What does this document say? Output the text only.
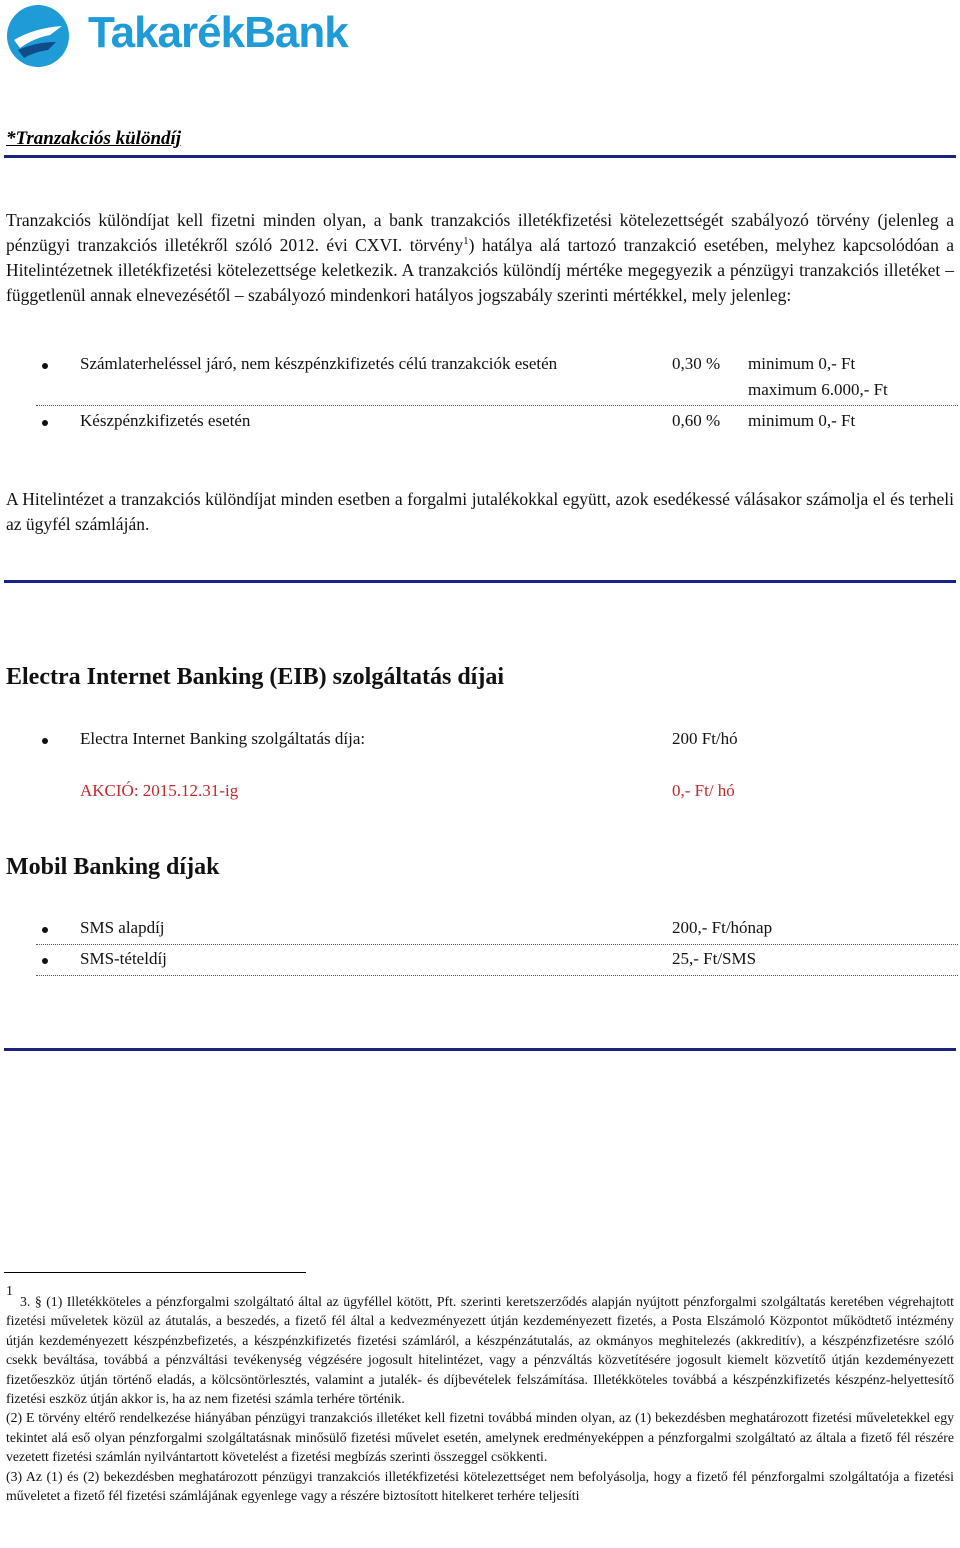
TakarékBank
*Tranzakciós különdíj
Tranzakciós különdíjat kell fizetni minden olyan, a bank tranzakciós illetékfizetési kötelezettségét szabályozó törvény (jelenleg a pénzügyi tranzakciós illetékről szóló 2012. évi CXVI. törvény$^1$) hatálya alá tartozó tranzakció esetében, melyhez kapcsolódóan a Hitelintézetnek illetékfizetési kötelezettsége keletkezik. A tranzakciós különdíj mértéke megegyezik a pénzügyi tranzakciós illetéket – függetlenül annak elnevezésétől – szabályozó mindenkori hatályos jogszabály szerinti mértékkel, mely jelenleg:
Számlaterheléssel járó, nem készpénzkifizetés célú tranzakciók esetén	0,30 % minimum 0,- Ft
maximum 6.000,- Ft
Készpénzkifizetés esetén	0,60 % minimum 0,- Ft
A Hitelintézet a tranzakciós különdíjat minden esetben a forgalmi jutalékokkal együtt, azok esedékessé válásakor számolja el és terheli az ügyfél számláján.
Electra Internet Banking (EIB) szolgáltatás díjai
Electra Internet Banking szolgáltatás díja:	200 Ft/hó
AKCIÓ: 2015.12.31-ig	0,- Ft/ hó
Mobil Banking díjak
SMS alapdíj	200,- Ft/hónap
SMS-tételdíj	25,- Ft/SMS
1

3. § (1) Illetékköteles a pénzforgalmi szolgáltató által az ügyféllel kötött, Pft. szerinti keretszerződés alapján nyújtott pénzforgalmi szolgáltatás keretében végrehajtott fizetési műveletek közül az átutalás, a beszedés, a fizető fél által a kedvezményezett útján kezdeményezett fizetés, a Posta Elszámoló Központot működtető intézmény útján kezdeményezett készpénzbefizetés, a készpénzkifizetés fizetési számláról, a készpénzátutalás, az okmányos meghitelezés (akkreditív), a készpénzfizetésre szóló csekk beváltása, továbbá a pénzváltási tevékenység végzésére jogosult hitelintézet, vagy a pénzváltás közvetítésére jogosult kiemelt közvetítő útján kezdeményezett fizetőeszköz útján történő eladás, a kölcsöntörlesztés, valamint a jutalék- és díjbevételek felszámítása. Illetékköteles továbbá a készpénzkifizetés készpénz-helyettesítő fizetési eszköz útján akkor is, ha az nem fizetési számla terhére történik.

(2) E törvény eltérő rendelkezése hiányában pénzügyi tranzakciós illetéket kell fizetni továbbá minden olyan, az (1) bekezdésben meghatározott fizetési műveletekkel egy tekintet alá eső olyan pénzforgalmi szolgáltatásnak minősülő fizetési művelet esetén, amelynek eredményeképpen a pénzforgalmi szolgáltató az általa a fizető fél részére vezetett fizetési számlán nyilvántartott követelést a fizetési megbízás szerinti összeggel csökkenti.

(3) Az (1) és (2) bekezdésben meghatározott pénzügyi tranzakciós illetékfizetési kötelezettséget nem befolyásolja, hogy a fizető fél pénzforgalmi szolgáltatója a fizetési műveletet a fizető fél fizetési számlájának egyenlege vagy a részére biztosított hitelkeret terhére teljesíti
